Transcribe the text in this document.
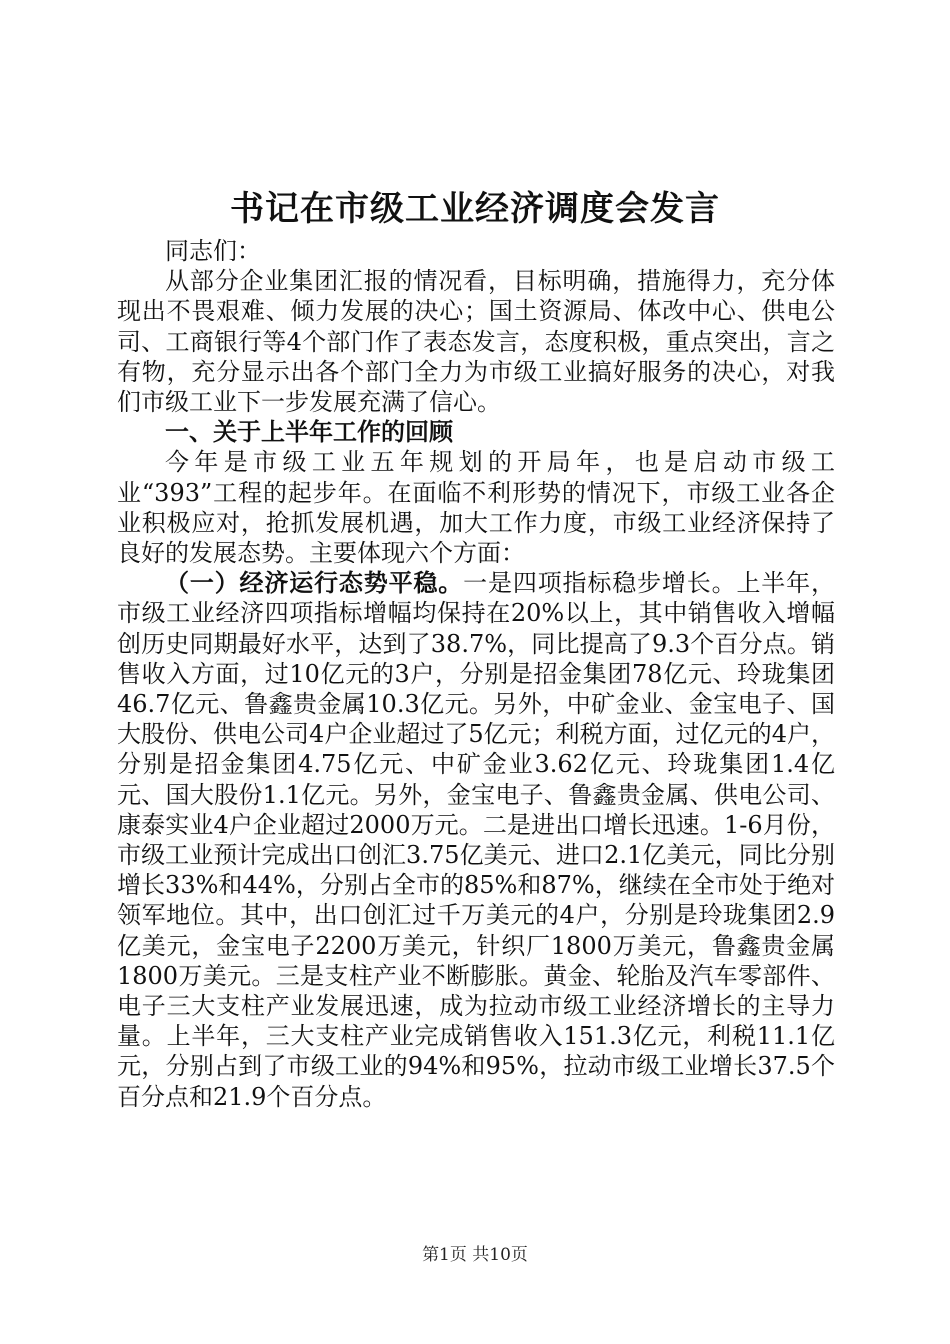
书记在市级工业经济调度会发言

同志们：

从部分企业集团汇报的情况看，目标明确，措施得力，充分体现出不畏艰难、倾力发展的决心；国土资源局、体改中心、供电公司、工商银行等4个部门作了表态发言，态度积极，重点突出，言之有物，充分显示出各个部门全力为市级工业搞好服务的决心，对我们市级工业下一步发展充满了信心。

一、关于上半年工作的回顾

今年是市级工业五年规划的开局年，也是启动市级工业“393”工程的起步年。在面临不利形势的情况下，市级工业各企业积极应对，抢抓发展机遇，加大工作力度，市级工业经济保持了良好的发展态势。主要体现六个方面：

（一）经济运行态势平稳。一是四项指标稳步增长。上半年，市级工业经济四项指标增幅均保持在20%以上，其中销售收入增幅创历史同期最好水平，达到了38.7%，同比提高了9.3个百分点。销售收入方面，过10亿元的3户，分别是招金集团78亿元、玲珑集团46.7亿元、鲁鑫贵金属10.3亿元。另外，中矿金业、金宝电子、国大股份、供电公司4户企业超过了5亿元；利税方面，过亿元的4户，分别是招金集团4.75亿元、中矿金业3.62亿元、玲珑集团1.4亿元、国大股份1.1亿元。另外，金宝电子、鲁鑫贵金属、供电公司、康泰实业4户企业超过2000万元。二是进出口增长迅速。1-6月份，市级工业预计完成出口创汇3.75亿美元、进口2.1亿美元，同比分别增长33%和44%，分别占全市的85%和87%，继续在全市处于绝对领军地位。其中，出口创汇过千万美元的4户，分别是玲珑集团2.9亿美元，金宝电子2200万美元，针织厂1800万美元，鲁鑫贵金属1800万美元。三是支柱产业不断膨胀。黄金、轮胎及汽车零部件、电子三大支柱产业发展迅速，成为拉动市级工业经济增长的主导力量。上半年，三大支柱产业完成销售收入151.3亿元，利税11.1亿元，分别占到了市级工业的94%和95%，拉动市级工业增长37.5个百分点和21.9个百分点。

第1页 共10页
